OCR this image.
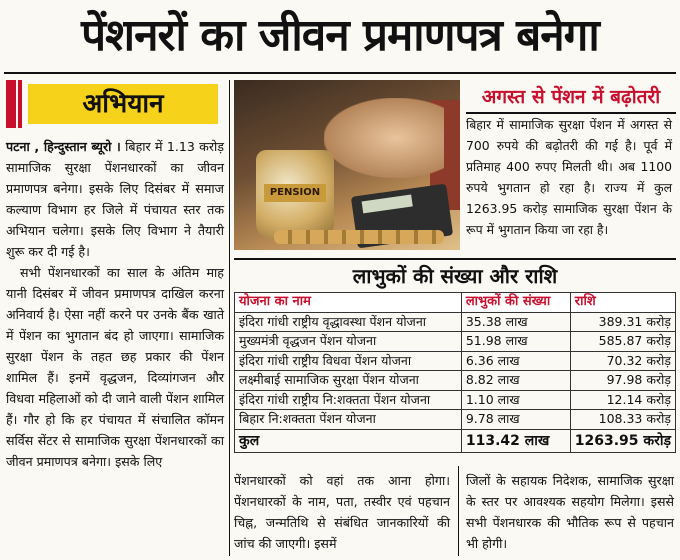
पेंशनरों का जीवन प्रमाणपत्र बनेगा
अभियान

पटना , हिन्दुस्तान ब्यूरो । बिहार में 1.13 करोड़ सामाजिक सुरक्षा पेंशनधारकों का जीवन प्रमाणपत्र बनेगा। इसके लिए दिसंबर में समाज कल्याण विभाग हर जिले में पंचायत स्तर तक अभियान चलेगा। इसके लिए विभाग ने तैयारी शुरू कर दी गई है।

सभी पेंशनधारकों का साल के अंतिम माह यानी दिसंबर में जीवन प्रमाणपत्र दाखिल करना अनिवार्य है। ऐसा नहीं करने पर उनके बैंक खाते में पेंशन का भुगतान बंद हो जाएगा। सामाजिक सुरक्षा पेंशन के तहत छह प्रकार की पेंशन शामिल हैं। इनमें वृद्धजन, दिव्यांगजन और विधवा महिलाओं को दी जाने वाली पेंशन शामिल हैं। गौर हो कि हर पंचायत में संचालित कॉमन सर्विस सेंटर से सामाजिक सुरक्षा पेंशनधारकों का जीवन प्रमाणपत्र बनेगा। इसके लिए

PENSION
अगस्त से पेंशन में बढ़ोतरी
बिहार में सामाजिक सुरक्षा पेंशन में अगस्त से 700 रुपये की बढ़ोतरी की गई है। पूर्व में प्रतिमाह 400 रुपए मिलती थी। अब 1100 रुपये भुगतान हो रहा है। राज्य में कुल 1263.95 करोड़ सामाजिक सुरक्षा पेंशन के रूप में भुगतान किया जा रहा है।
लाभुकों की संख्या और राशि
योजना का नाम	लाभुकों की संख्या	राशि
इंदिरा गांधी राष्ट्रीय वृद्धावस्था पेंशन योजना	35.38 लाख	389.31 करोड़
मुख्यमंत्री वृद्धजन पेंशन योजना	51.98 लाख	585.87 करोड़
इंदिरा गांधी राष्ट्रीय विधवा पेंशन योजना	6.36 लाख	70.32 करोड़
लक्ष्मीबाई सामाजिक सुरक्षा पेंशन योजना	8.82 लाख	97.98 करोड़
इंदिरा गांधी राष्ट्रीय नि:शक्तता पेंशन योजना	1.10 लाख	12.14 करोड़
बिहार नि:शक्तता पेंशन योजना	9.78 लाख	108.33 करोड़
कुल	113.42 लाख	1263.95 करोड़
पेंशनधारकों को वहां तक आना होगा। पेंशनधारकों के नाम, पता, तस्वीर एवं पहचान चिह्न, जन्मतिथि से संबंधित जानकारियों की जांच की जाएगी। इसमें
जिलों के सहायक निदेशक, सामाजिक सुरक्षा के स्तर पर आवश्यक सहयोग मिलेगा। इससे सभी पेंशनधारक की भौतिक रूप से पहचान भी होगी।
